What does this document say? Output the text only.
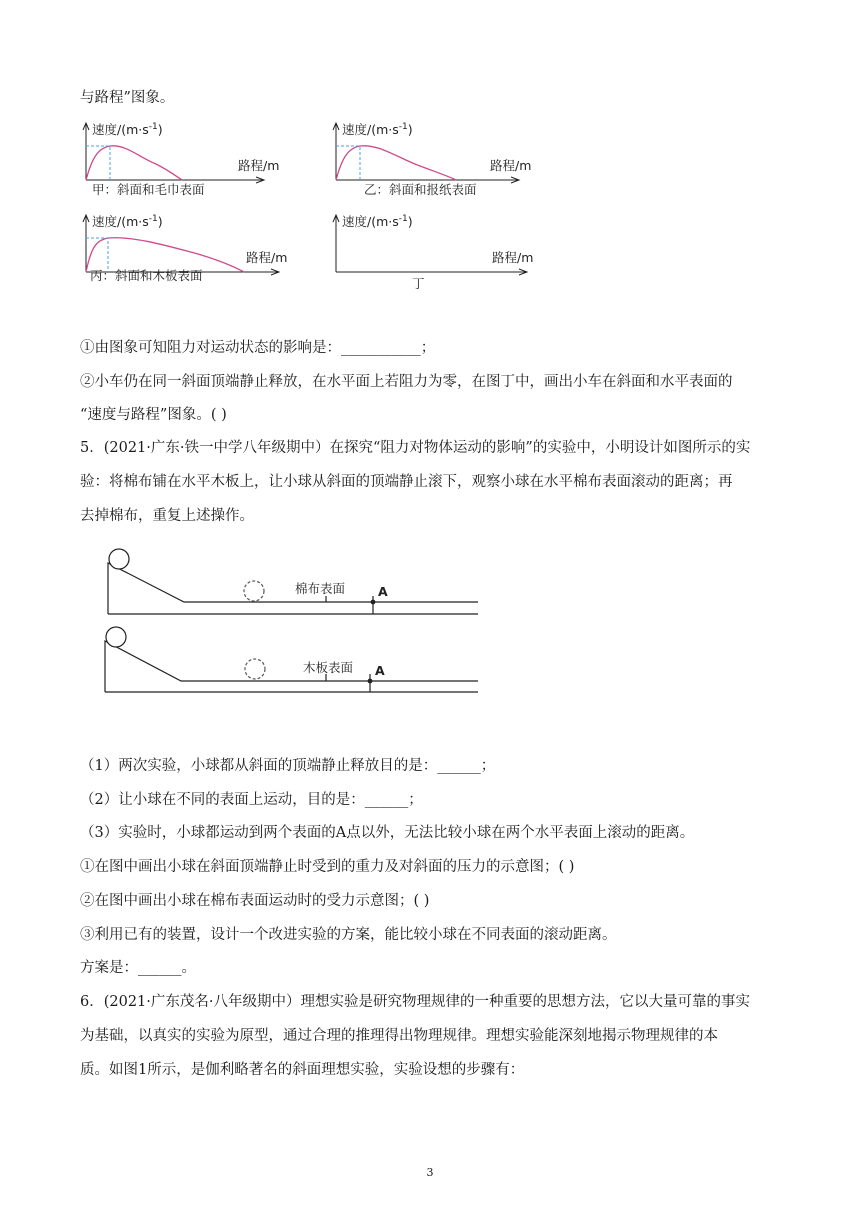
与路程”图象。
速度$/(m\cdot s^{-1})$
路程/m
甲：斜面和毛巾表面
速度$/(m\cdot s^{-1})$
路程/m
乙：斜面和报纸表面
速度$/(m\cdot s^{-1})$
路程/m
丙：斜面和木板表面
速度$/(m\cdot s^{-1})$
路程/m
丁
①由图象可知阻力对运动状态的影响是：___________；
②小车仍在同一斜面顶端静止释放，在水平面上若阻力为零，在图丁中，画出小车在斜面和水平表面的
“速度与路程”图象。( )
5．(2021·广东·铁一中学八年级期中）在探究“阻力对物体运动的影响”的实验中，小明设计如图所示的实
验：将棉布铺在水平木板上，让小球从斜面的顶端静止滚下，观察小球在水平棉布表面滚动的距离；再
去掉棉布，重复上述操作。
棉布表面	A
木板表面 A
（1）两次实验，小球都从斜面的顶端静止释放目的是：______；
（2）让小球在不同的表面上运动，目的是：______；
（3）实验时，小球都运动到两个表面的A点以外，无法比较小球在两个水平表面上滚动的距离。
①在图中画出小球在斜面顶端静止时受到的重力及对斜面的压力的示意图；( )
②在图中画出小球在棉布表面运动时的受力示意图；( )
③利用已有的装置，设计一个改进实验的方案，能比较小球在不同表面的滚动距离。
方案是：______。
6．(2021·广东茂名·八年级期中）理想实验是研究物理规律的一种重要的思想方法，它以大量可靠的事实
为基础，以真实的实验为原型，通过合理的推理得出物理规律。理想实验能深刻地揭示物理规律的本
质。如图1所示，是伽利略著名的斜面理想实验，实验设想的步骤有：
3
